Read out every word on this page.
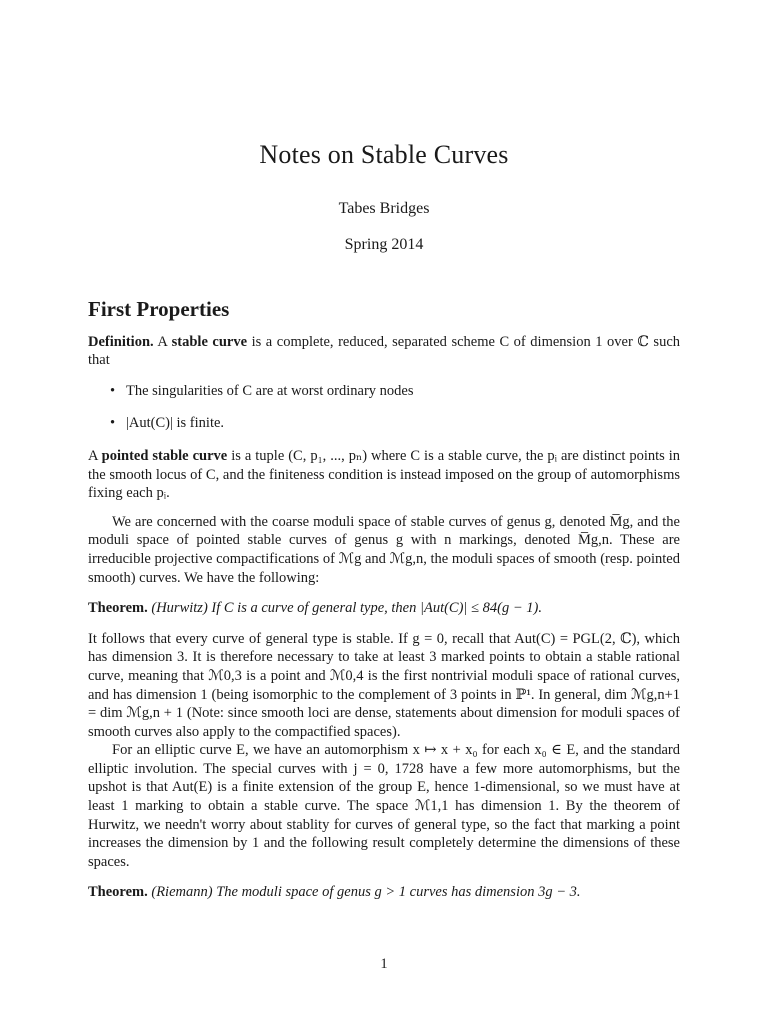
Notes on Stable Curves
Tabes Bridges
Spring 2014
First Properties

Definition. A stable curve is a complete, reduced, separated scheme C of dimension 1 over ℂ such that

• The singularities of C are at worst ordinary nodes
• |Aut(C)| is finite.

A pointed stable curve is a tuple (C, p₁, ..., pₙ) where C is a stable curve, the pᵢ are distinct points in the smooth locus of C, and the finiteness condition is instead imposed on the group of automorphisms fixing each pᵢ.

We are concerned with the coarse moduli space of stable curves of genus g, denoted M̅g, and the moduli space of pointed stable curves of genus g with n markings, denoted M̅g,n. These are irreducible projective compactifications of ℳg and ℳg,n, the moduli spaces of smooth (resp. pointed smooth) curves. We have the following:

Theorem. (Hurwitz) If C is a curve of general type, then |Aut(C)| ≤ 84(g − 1).

It follows that every curve of general type is stable. If g = 0, recall that Aut(C) = PGL(2, ℂ), which has dimension 3. It is therefore necessary to take at least 3 marked points to obtain a stable rational curve, meaning that ℳ0,3 is a point and ℳ0,4 is the first nontrivial moduli space of rational curves, and has dimension 1 (being isomorphic to the complement of 3 points in ℙ¹. In general, dim ℳg,n+1 = dim ℳg,n + 1 (Note: since smooth loci are dense, statements about dimension for moduli spaces of smooth curves also apply to the compactified spaces).

For an elliptic curve E, we have an automorphism x ↦ x + x₀ for each x₀ ∈ E, and the standard elliptic involution. The special curves with j = 0, 1728 have a few more automorphisms, but the upshot is that Aut(E) is a finite extension of the group E, hence 1-dimensional, so we must have at least 1 marking to obtain a stable curve. The space ℳ1,1 has dimension 1. By the theorem of Hurwitz, we needn't worry about stablity for curves of general type, so the fact that marking a point increases the dimension by 1 and the following result completely determine the dimensions of these spaces.

Theorem. (Riemann) The moduli space of genus g > 1 curves has dimension 3g − 3.

1
